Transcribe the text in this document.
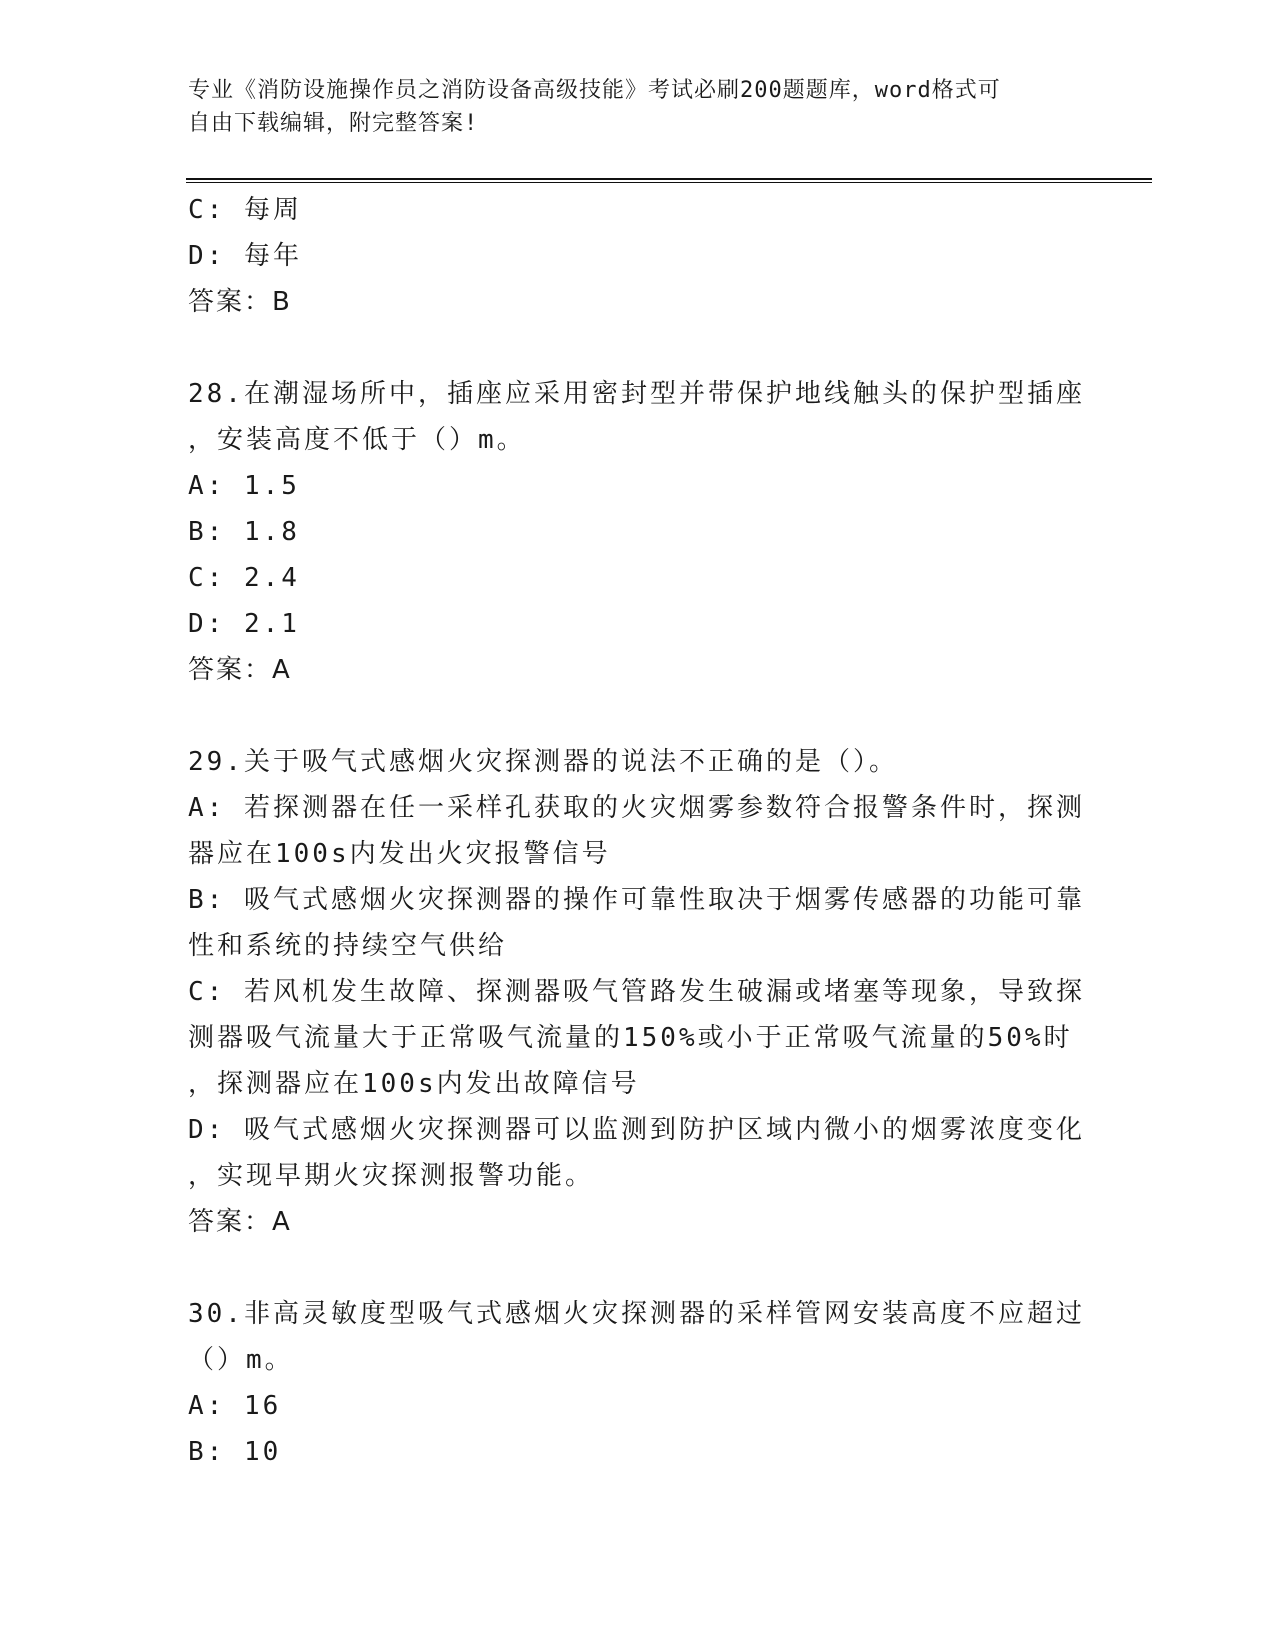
专业《消防设施操作员之消防设备高级技能》考试必刷200题题库，word格式可
自由下载编辑，附完整答案!
C: 每周
D: 每年
答案：B
28.在潮湿场所中，插座应采用密封型并带保护地线触头的保护型插座
，安装高度不低于（）m。
A: 1.5
B: 1.8
C: 2.4
D: 2.1
答案：A
29.关于吸气式感烟火灾探测器的说法不正确的是（）。
A: 若探测器在任一采样孔获取的火灾烟雾参数符合报警条件时，探测
器应在100s内发出火灾报警信号
B: 吸气式感烟火灾探测器的操作可靠性取决于烟雾传感器的功能可靠
性和系统的持续空气供给
C: 若风机发生故障、探测器吸气管路发生破漏或堵塞等现象，导致探
测器吸气流量大于正常吸气流量的150%或小于正常吸气流量的50%时
，探测器应在100s内发出故障信号
D: 吸气式感烟火灾探测器可以监测到防护区域内微小的烟雾浓度变化
，实现早期火灾探测报警功能。
答案：A
30.非高灵敏度型吸气式感烟火灾探测器的采样管网安装高度不应超过
（）m。
A: 16
B: 10
